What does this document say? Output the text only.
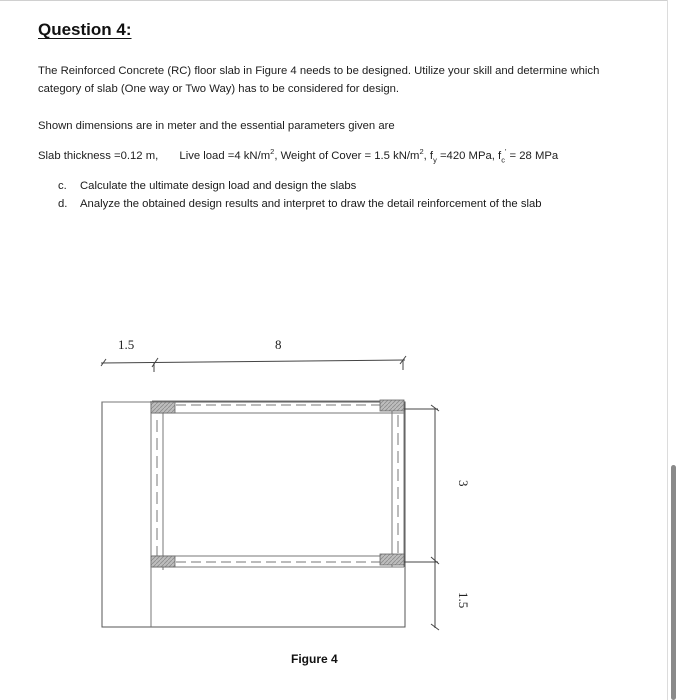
Question 4:
The Reinforced Concrete (RC) floor slab in Figure 4 needs to be designed. Utilize your skill and determine which category of slab (One way or Two Way) has to be considered for design.
Shown dimensions are in meter and the essential parameters given are
Slab thickness =0.12 m, Live load =4 $kN/m^2$, Weight of Cover = 1.5 $kN/m^2$, $f_y =420$ MPa, $f_c' = 28$ MPa
c. Calculate the ultimate design load and design the slabs
d. Analyze the obtained design results and interpret to draw the detail reinforcement of the slab
1.5	8
3
1.5
Figure 4
